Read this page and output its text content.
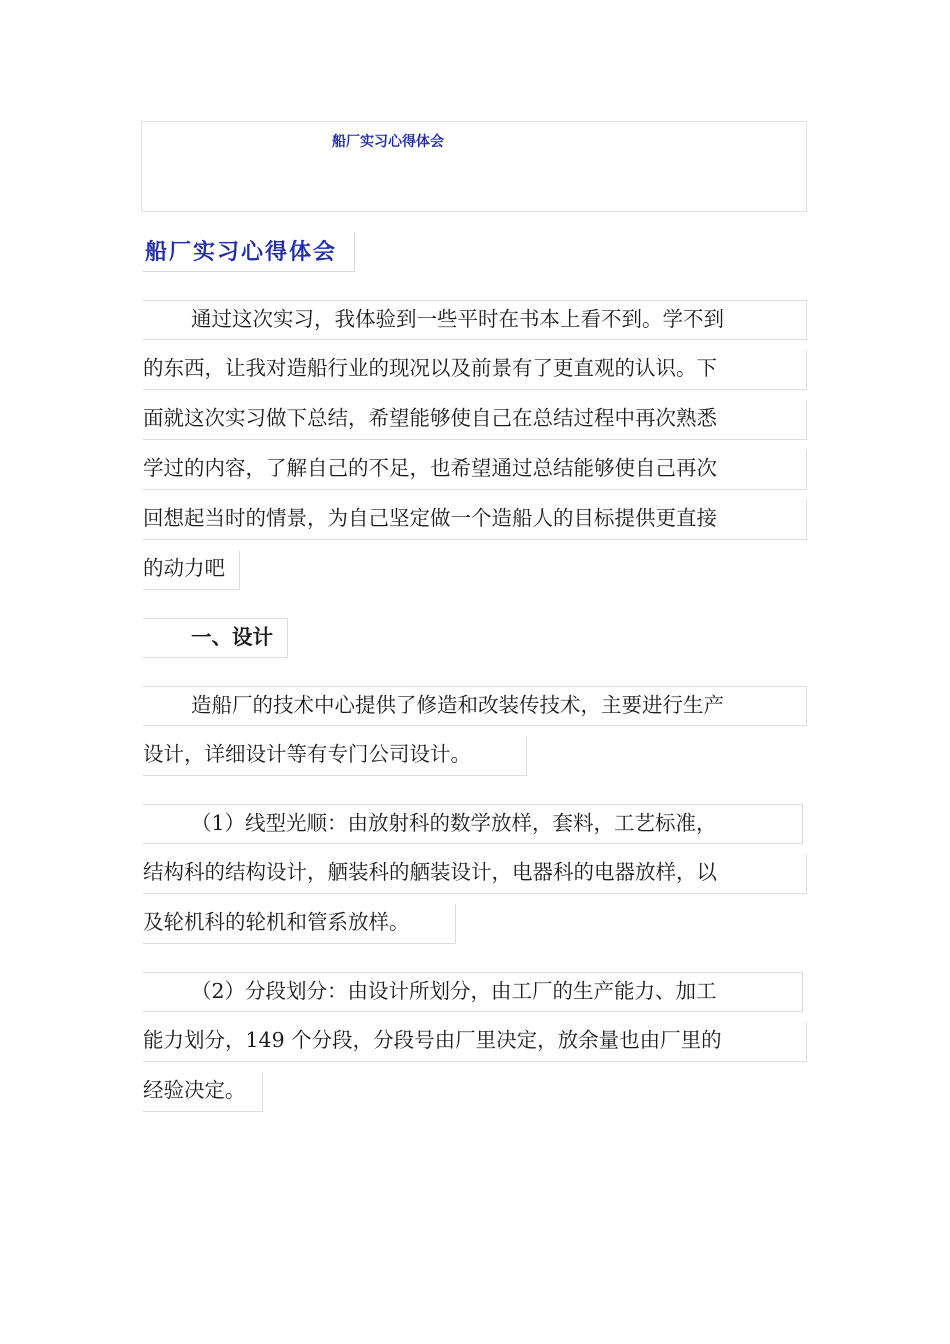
船厂实习心得体会
船厂实习心得体会
通过这次实习，我体验到一些平时在书本上看不到。学不到
的东西，让我对造船行业的现况以及前景有了更直观的认识。下
面就这次实习做下总结，希望能够使自己在总结过程中再次熟悉
学过的内容，了解自己的不足，也希望通过总结能够使自己再次
回想起当时的情景，为自己坚定做一个造船人的目标提供更直接
的动力吧
一、设计
造船厂的技术中心提供了修造和改装传技术，主要进行生产
设计，详细设计等有专门公司设计。
（1）线型光顺：由放射科的数学放样，套料，工艺标准，
结构科的结构设计，舾装科的舾装设计，电器科的电器放样，以
及轮机科的轮机和管系放样。
（2）分段划分：由设计所划分，由工厂的生产能力、加工
能力划分，149 个分段，分段号由厂里决定，放余量也由厂里的
经验决定。
